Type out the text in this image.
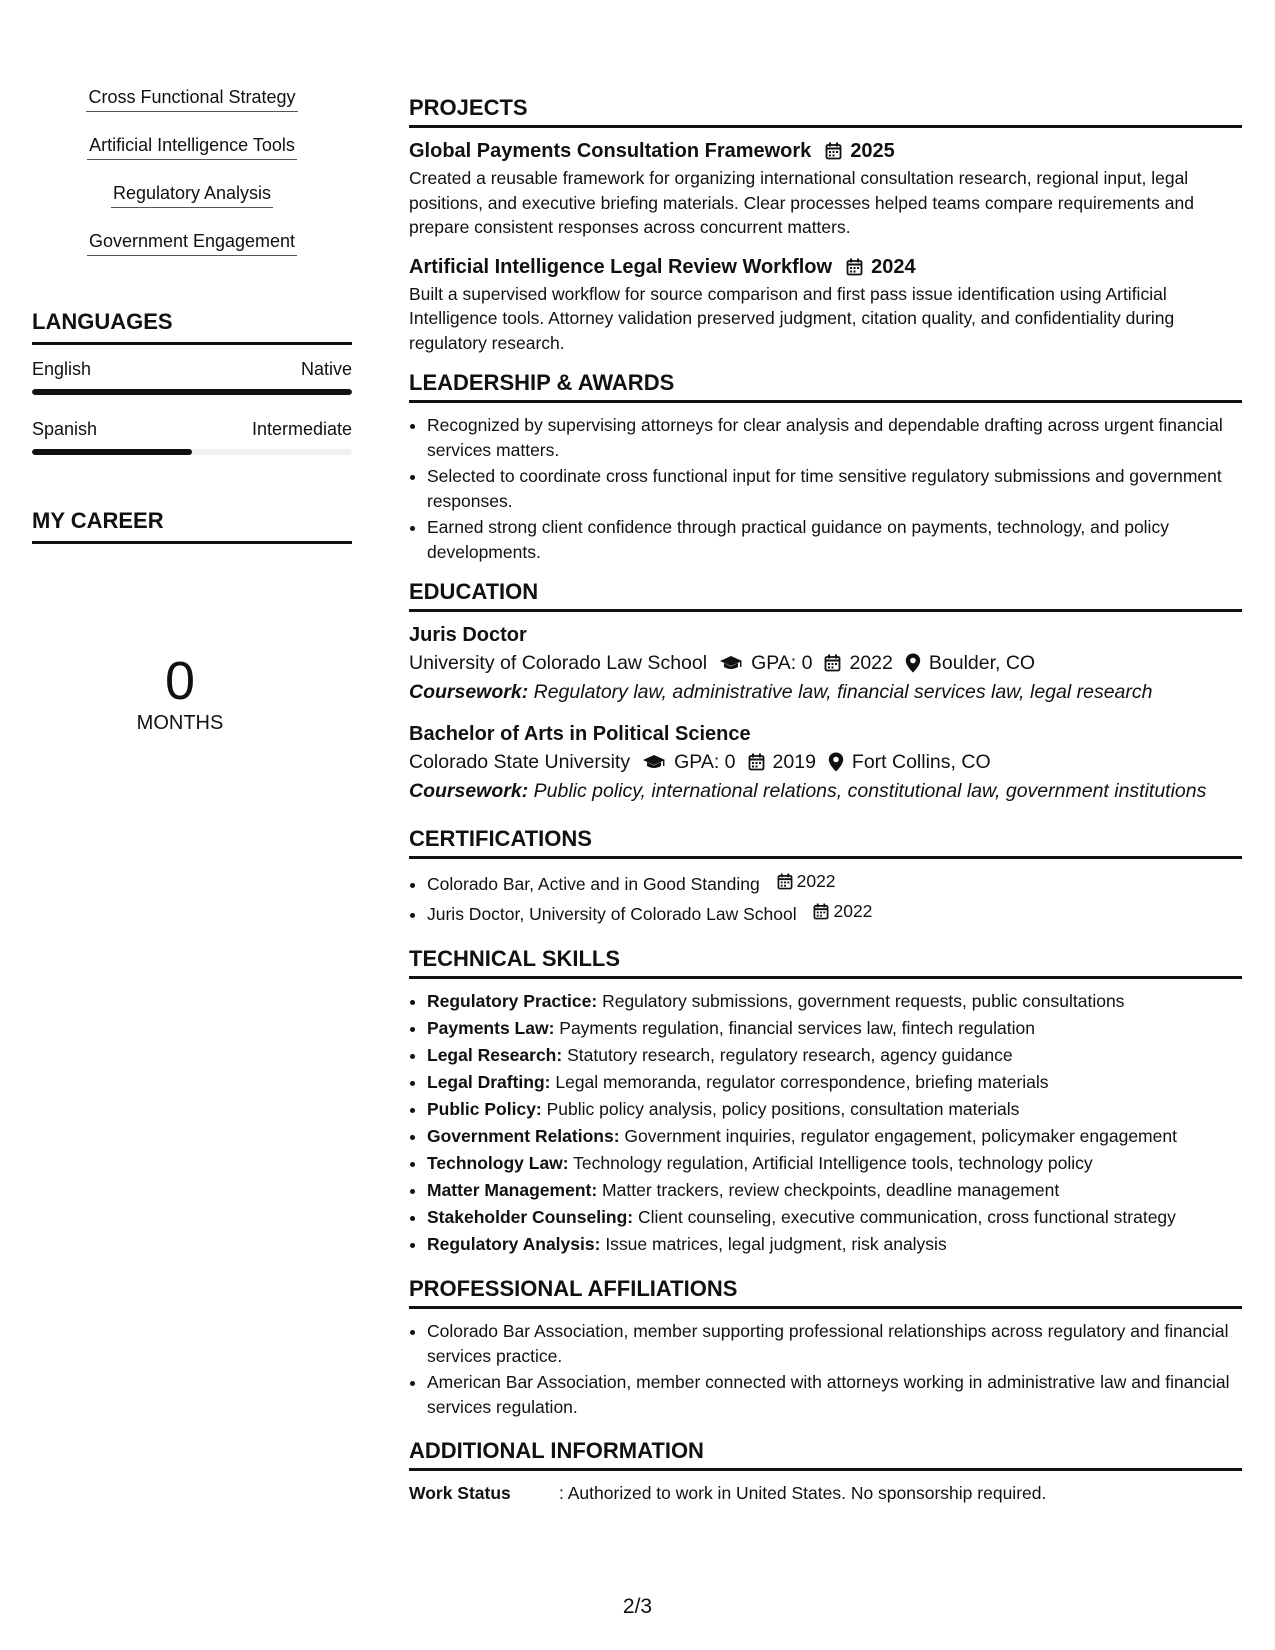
Cross Functional Strategy
Artificial Intelligence Tools
Regulatory Analysis
Government Engagement
LANGUAGES
English	Native
Spanish	Intermediate
MY CAREER
0
MONTHS
PROJECTS
Global Payments Consultation Framework 2025

Created a reusable framework for organizing international consultation research, regional input, legal positions, and executive briefing materials. Clear processes helped teams compare requirements and prepare consistent responses across concurrent matters.

Artificial Intelligence Legal Review Workflow 2024

Built a supervised workflow for source comparison and first pass issue identification using Artificial Intelligence tools. Attorney validation preserved judgment, citation quality, and confidentiality during regulatory research.

LEADERSHIP & AWARDS
• Recognized by supervising attorneys for clear analysis and dependable drafting across urgent financial services matters.
• Selected to coordinate cross functional input for time sensitive regulatory submissions and government responses.
• Earned strong client confidence through practical guidance on payments, technology, and policy developments.
EDUCATION
Juris Doctor
University of Colorado Law School GPA: 0 2022 Boulder, CO

Coursework: Regulatory law, administrative law, financial services law, legal research

Bachelor of Arts in Political Science
Colorado State University GPA: 0 2019 Fort Collins, CO

Coursework: Public policy, international relations, constitutional law, government institutions

CERTIFICATIONS
• Colorado Bar, Active and in Good Standing 2022
• Juris Doctor, University of Colorado Law School 2022
TECHNICAL SKILLS
• Regulatory Practice: Regulatory submissions, government requests, public consultations
• Payments Law: Payments regulation, financial services law, fintech regulation
• Legal Research: Statutory research, regulatory research, agency guidance
• Legal Drafting: Legal memoranda, regulator correspondence, briefing materials
• Public Policy: Public policy analysis, policy positions, consultation materials
• Government Relations: Government inquiries, regulator engagement, policymaker engagement
• Technology Law: Technology regulation, Artificial Intelligence tools, technology policy
• Matter Management: Matter trackers, review checkpoints, deadline management
• Stakeholder Counseling: Client counseling, executive communication, cross functional strategy
• Regulatory Analysis: Issue matrices, legal judgment, risk analysis
PROFESSIONAL AFFILIATIONS
• Colorado Bar Association, member supporting professional relationships across regulatory and financial services practice.
• American Bar Association, member connected with attorneys working in administrative law and financial services regulation.
ADDITIONAL INFORMATION
Work Status	: Authorized to work in United States. No sponsorship required.
2/3
